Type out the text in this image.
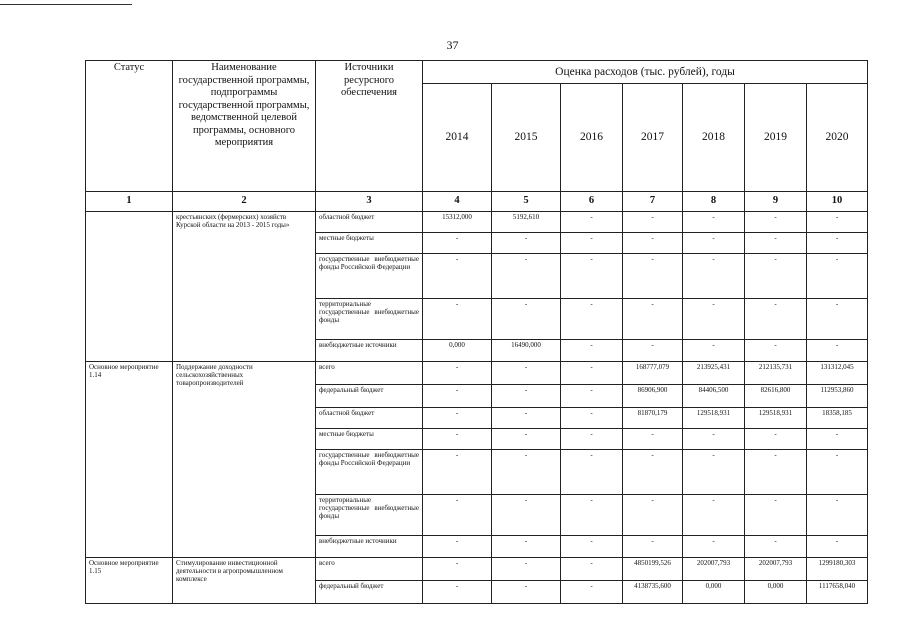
37
Статус	Наименование государственной программы, подпрограммы государственной программы, ведомственной целевой программы, основного мероприятия	Источники ресурсного обеспечения	Оценка расходов (тыс. рублей), годы						
			2014	2015	2016	2017	2018	2019	2020
1	2	3	4	5	6	7	8	9	10
	крестьянских (фермерских) хозяйств Курской области на 2013 - 2015 годы»	областной бюджет	15312,000	5192,610	-	-	-	-	-
		местные бюджеты	-	-	-	-	-	-	-
		государственные внебюджетные фонды Российской Федерации	-	-	-	-	-	-	-
		территориальные государственные внебюджетные фонды	-	-	-	-	-	-	-
		внебюджетные источники	0,000	16490,000	-	-	-	-	-
Основное мероприятие 1.14	Поддержание доходности сельскохозяйственных товаропроизводителей	всего	-	-	-	168777,079	213925,431	212135,731	131312,045
		федеральный бюджет	-	-	-	86906,900	84406,500	82616,800	112953,860
		областной бюджет	-	-	-	81870,179	129518,931	129518,931	18358,185
		местные бюджеты	-	-	-	-	-	-	-
		государственные внебюджетные фонды Российской Федерации	-	-	-	-	-	-	-
		территориальные государственные внебюджетные фонды	-	-	-	-	-	-	-
		внебюджетные источники	-	-	-	-	-	-	-
Основное мероприятие 1.15	Стимулирование инвестиционной деятельности в агропромышленном комплексе	всего	-	-	-	4850199,526	202007,793	202007,793	1299180,303
		федеральный бюджет	-	-	-	4138735,600	0,000	0,000	1117658,040
